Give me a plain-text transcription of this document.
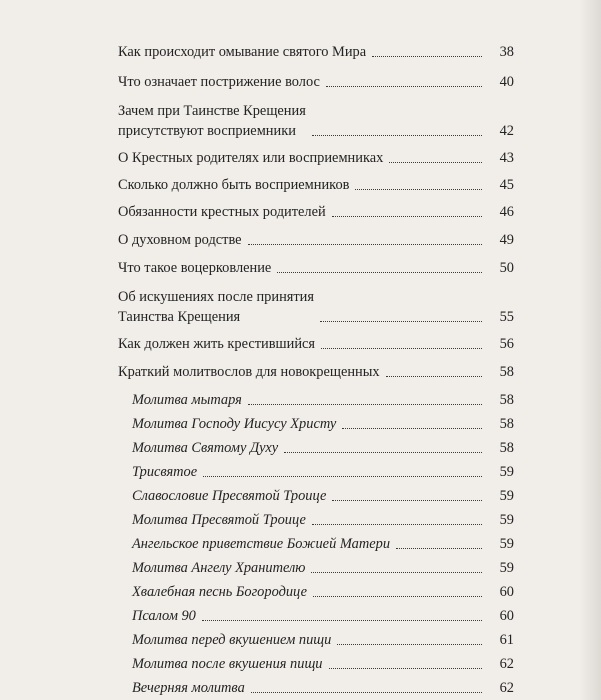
Как происходит омывание святого Мира	38
Что означает пострижение волос	40
Зачем при Таинстве Крещения
присутствуют восприемники	42
О Крестных родителях или восприемниках	43
Сколько должно быть восприемников	45
Обязанности крестных родителей	46
О духовном родстве	49
Что такое воцерковление	50
Об искушениях после принятия
Таинства Крещения	55
Как должен жить крестившийся	56
Краткий молитвослов для новокрещенных	58
Молитва мытаря	58
Молитва Господу Иисусу Христу	58
Молитва Святому Духу	58
Трисвятое	59
Славословие Пресвятой Троице	59
Молитва Пресвятой Троице	59
Ангельское приветствие Божией Матери	59
Молитва Ангелу Хранителю	59
Хвалебная песнь Богородице	60
Псалом 90	60
Молитва перед вкушением пищи	61
Молитва после вкушения пищи	62
Вечерняя молитва	62
